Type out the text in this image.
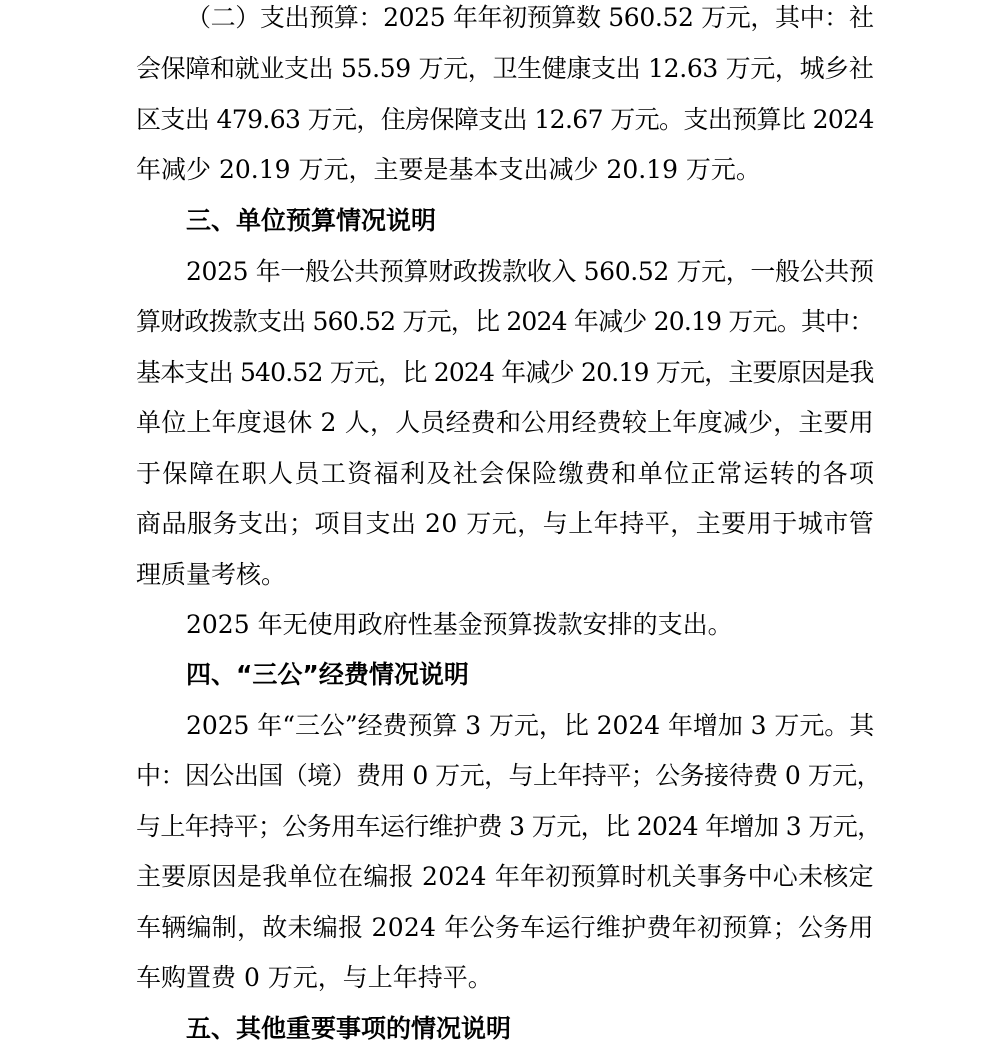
（二）支出预算：2025 年年初预算数 560.52 万元，其中：社
会保障和就业支出 55.59 万元，卫生健康支出 12.63 万元，城乡社
区支出 479.63 万元，住房保障支出 12.67 万元。支出预算比 2024
年减少 20.19 万元，主要是基本支出减少 20.19 万元。
三、单位预算情况说明
2025 年一般公共预算财政拨款收入 560.52 万元，一般公共预
算财政拨款支出 560.52 万元，比 2024 年减少 20.19 万元。其中：
基本支出 540.52 万元，比 2024 年减少 20.19 万元，主要原因是我
单位上年度退休 2 人，人员经费和公用经费较上年度减少，主要用
于保障在职人员工资福利及社会保险缴费和单位正常运转的各项
商品服务支出；项目支出 20 万元，与上年持平，主要用于城市管
理质量考核。
2025 年无使用政府性基金预算拨款安排的支出。
四、“三公”经费情况说明
2025 年“三公”经费预算 3 万元，比 2024 年增加 3 万元。其
中：因公出国（境）费用 0 万元，与上年持平；公务接待费 0 万元，
与上年持平；公务用车运行维护费 3 万元，比 2024 年增加 3 万元，
主要原因是我单位在编报 2024 年年初预算时机关事务中心未核定
车辆编制，故未编报 2024 年公务车运行维护费年初预算；公务用
车购置费 0 万元，与上年持平。
五、其他重要事项的情况说明
